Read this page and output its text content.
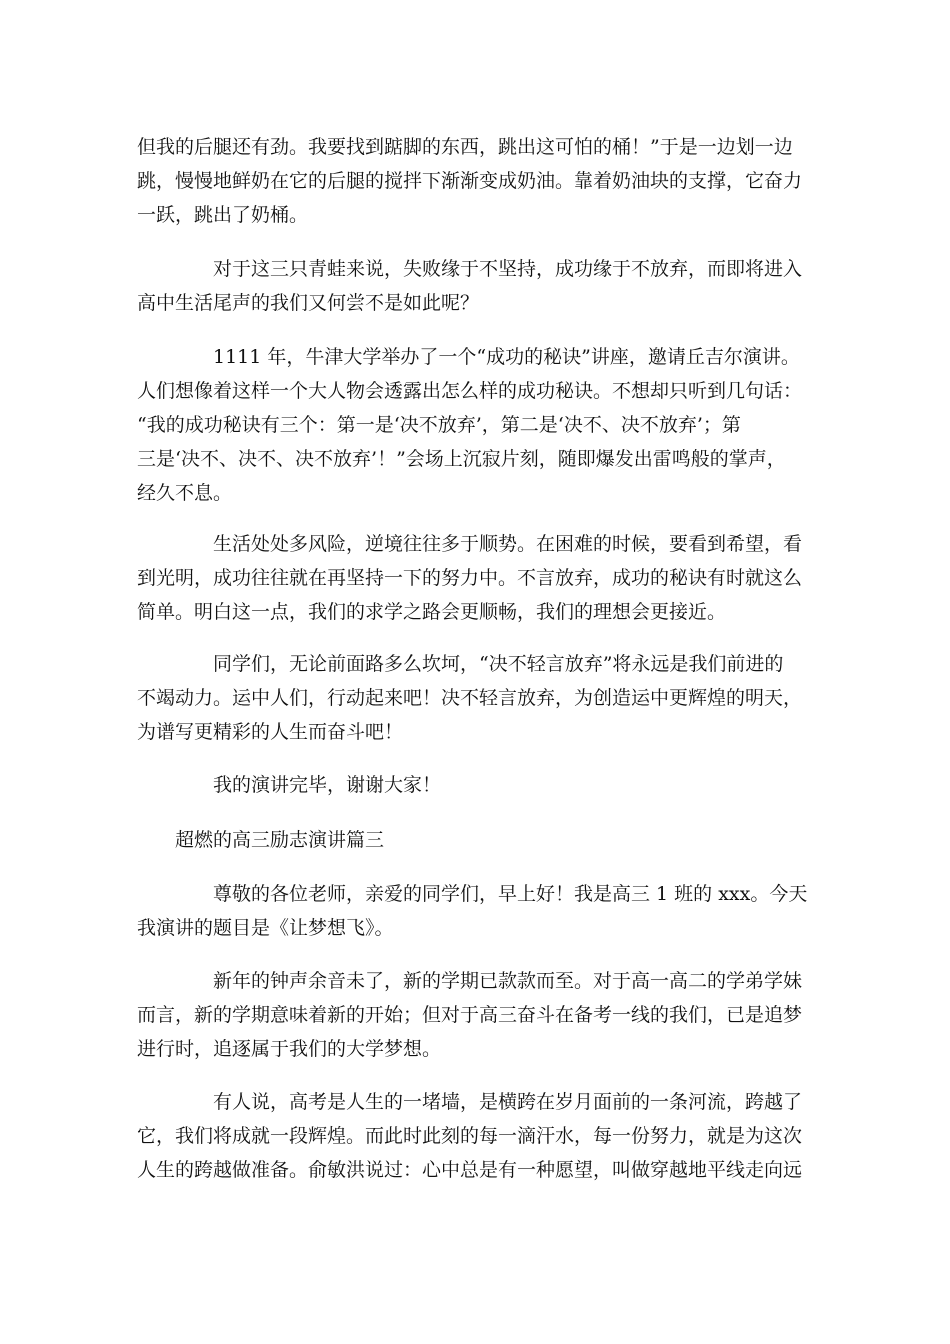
但我的后腿还有劲。我要找到踮脚的东西，跳出这可怕的桶！”于是一边划一边
跳，慢慢地鲜奶在它的后腿的搅拌下渐渐变成奶油。靠着奶油块的支撑，它奋力
一跃，跳出了奶桶。
对于这三只青蛙来说，失败缘于不坚持，成功缘于不放弃，而即将进入
高中生活尾声的我们又何尝不是如此呢？
1111 年，牛津大学举办了一个“成功的秘诀”讲座，邀请丘吉尔演讲。
人们想像着这样一个大人物会透露出怎么样的成功秘诀。不想却只听到几句话：
“我的成功秘诀有三个：第一是‘决不放弃’，第二是‘决不、决不放弃’；第
三是‘决不、决不、决不放弃’！”会场上沉寂片刻，随即爆发出雷鸣般的掌声，
经久不息。
生活处处多风险，逆境往往多于顺势。在困难的时候，要看到希望，看
到光明，成功往往就在再坚持一下的努力中。不言放弃，成功的秘诀有时就这么
简单。明白这一点，我们的求学之路会更顺畅，我们的理想会更接近。
同学们，无论前面路多么坎坷，“决不轻言放弃”将永远是我们前进的
不竭动力。运中人们，行动起来吧！决不轻言放弃，为创造运中更辉煌的明天，
为谱写更精彩的人生而奋斗吧！
我的演讲完毕，谢谢大家！
超燃的高三励志演讲篇三
尊敬的各位老师，亲爱的同学们，早上好！我是高三 1 班的 xxx。今天
我演讲的题目是《让梦想飞》。
新年的钟声余音未了，新的学期已款款而至。对于高一高二的学弟学妹
而言，新的学期意味着新的开始；但对于高三奋斗在备考一线的我们，已是追梦
进行时，追逐属于我们的大学梦想。
有人说，高考是人生的一堵墙，是横跨在岁月面前的一条河流，跨越了
它，我们将成就一段辉煌。而此时此刻的每一滴汗水，每一份努力，就是为这次
人生的跨越做准备。俞敏洪说过：心中总是有一种愿望，叫做穿越地平线走向远
